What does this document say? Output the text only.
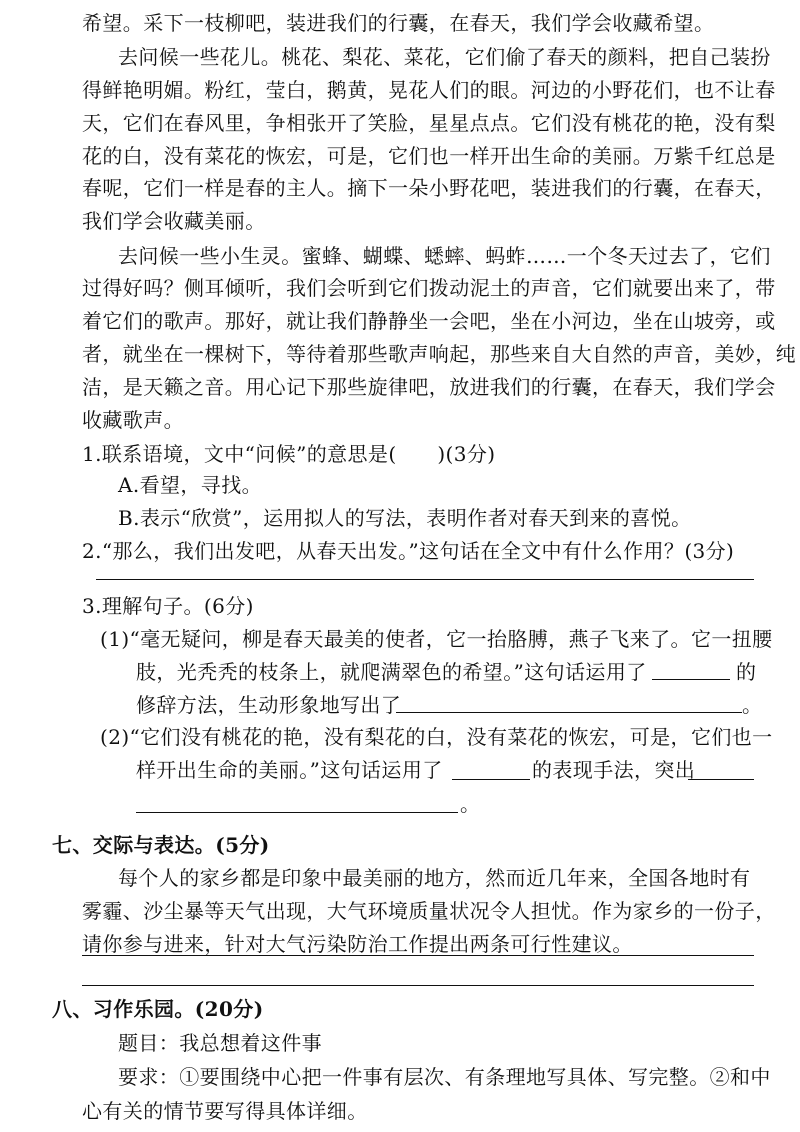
希望。采下一枝柳吧，装进我们的行囊，在春天，我们学会收藏希望。
去问候一些花儿。桃花、梨花、菜花，它们偷了春天的颜料，把自己装扮
得鲜艳明媚。粉红，莹白，鹅黄，晃花人们的眼。河边的小野花们，也不让春
天，它们在春风里，争相张开了笑脸，星星点点。它们没有桃花的艳，没有梨
花的白，没有菜花的恢宏，可是，它们也一样开出生命的美丽。万紫千红总是
春呢，它们一样是春的主人。摘下一朵小野花吧，装进我们的行囊，在春天，
我们学会收藏美丽。
去问候一些小生灵。蜜蜂、蝴蝶、蟋蟀、蚂蚱……一个冬天过去了，它们
过得好吗？侧耳倾听，我们会听到它们拨动泥土的声音，它们就要出来了，带
着它们的歌声。那好，就让我们静静坐一会吧，坐在小河边，坐在山坡旁，或
者，就坐在一棵树下，等待着那些歌声响起，那些来自大自然的声音，美妙，纯
洁，是天籁之音。用心记下那些旋律吧，放进我们的行囊，在春天，我们学会
收藏歌声。
1.联系语境，文中“问候”的意思是(　　)(3分)
A.看望，寻找。
B.表示“欣赏”，运用拟人的写法，表明作者对春天到来的喜悦。
2.“那么，我们出发吧，从春天出发。”这句话在全文中有什么作用？(3分)
3.理解句子。(6分)
(1)“毫无疑问，柳是春天最美的使者，它一抬胳膊，燕子飞来了。它一扭腰
肢，光秃秃的枝条上，就爬满翠色的希望。”这句话运用了	的
修辞方法，生动形象地写出了	。
(2)“它们没有桃花的艳，没有梨花的白，没有菜花的恢宏，可是，它们也一
样开出生命的美丽。”这句话运用了	的表现手法，突出
。
七、交际与表达。(5分)
每个人的家乡都是印象中最美丽的地方，然而近几年来，全国各地时有
雾霾、沙尘暴等天气出现，大气环境质量状况令人担忧。作为家乡的一份子，
请你参与进来，针对大气污染防治工作提出两条可行性建议。
八、习作乐园。(20分)
要求：①要围绕中心把一件事有层次、有条理地写具体、写完整。②和中
心有关的情节要写得具体详细。
题目：我总想着这件事
